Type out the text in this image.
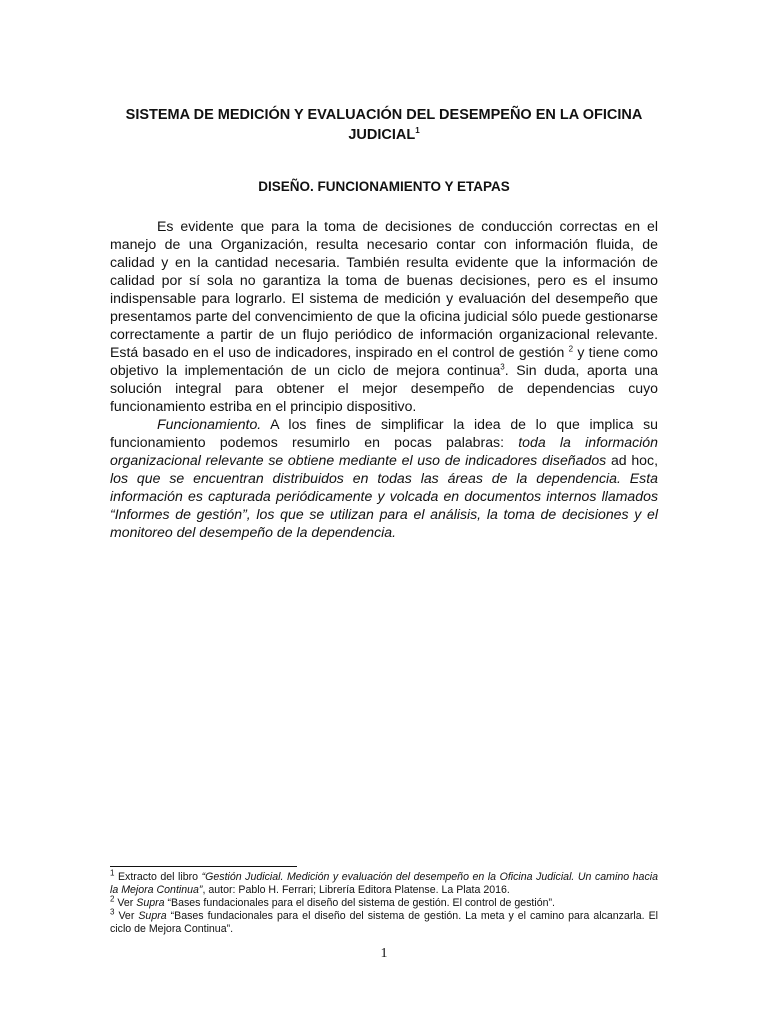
SISTEMA DE MEDICIÓN Y EVALUACIÓN DEL DESEMPEÑO EN LA OFICINA JUDICIAL$^1$
DISEÑO. FUNCIONAMIENTO Y ETAPAS

Es evidente que para la toma de decisiones de conducción correctas en el manejo de una Organización, resulta necesario contar con información fluida, de calidad y en la cantidad necesaria. También resulta evidente que la información de calidad por sí sola no garantiza la toma de buenas decisiones, pero es el insumo indispensable para lograrlo. El sistema de medición y evaluación del desempeño que presentamos parte del convencimiento de que la oficina judicial sólo puede gestionarse correctamente a partir de un flujo periódico de información organizacional relevante. Está basado en el uso de indicadores, inspirado en el control de gestión $^2$ y tiene como objetivo la implementación de un ciclo de mejora continua$^3$. Sin duda, aporta una solución integral para obtener el mejor desempeño de dependencias cuyo funcionamiento estriba en el principio dispositivo.

Funcionamiento. A los fines de simplificar la idea de lo que implica su funcionamiento podemos resumirlo en pocas palabras: toda la información organizacional relevante se obtiene mediante el uso de indicadores diseñados ad hoc, los que se encuentran distribuidos en todas las áreas de la dependencia. Esta información es capturada periódicamente y volcada en documentos internos llamados “Informes de gestión”, los que se utilizan para el análisis, la toma de decisiones y el monitoreo del desempeño de la dependencia.

$^1$ Extracto del libro “Gestión Judicial. Medición y evaluación del desempeño en la Oficina Judicial. Un camino hacia la Mejora Continua”, autor: Pablo H. Ferrari; Librería Editora Platense. La Plata 2016.
$^2$ Ver Supra “Bases fundacionales para el diseño del sistema de gestión. El control de gestión”.
$^3$ Ver Supra “Bases fundacionales para el diseño del sistema de gestión. La meta y el camino para alcanzarla. El ciclo de Mejora Continua”.
1
